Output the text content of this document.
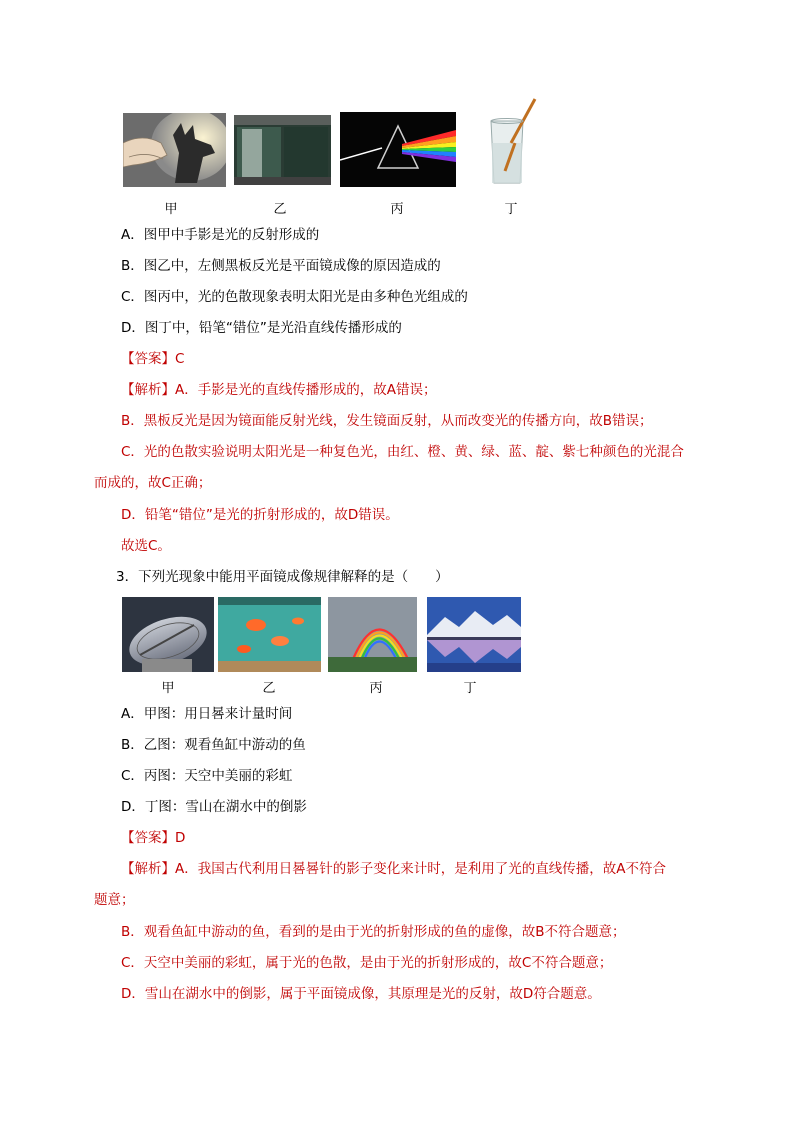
甲	乙	丙	丁
A．图甲中手影是光的反射形成的
B．图乙中，左侧黑板反光是平面镜成像的原因造成的
C．图丙中，光的色散现象表明太阳光是由多种色光组成的
D．图丁中，铅笔“错位”是光沿直线传播形成的
【答案】C
【解析】A．手影是光的直线传播形成的，故A错误；
B．黑板反光是因为镜面能反射光线，发生镜面反射，从而改变光的传播方向，故B错误；
C．光的色散实验说明太阳光是一种复色光，由红、橙、黄、绿、蓝、靛、紫七种颜色的光混合
而成的，故C正确；
D．铅笔“错位”是光的折射形成的，故D错误。
故选C。
3．下列光现象中能用平面镜成像规律解释的是（　　）
甲	乙	丙	丁
A．甲图：用日晷来计量时间
B．乙图：观看鱼缸中游动的鱼
C．丙图：天空中美丽的彩虹
D．丁图：雪山在湖水中的倒影
【答案】D
【解析】A．我国古代利用日晷晷针的影子变化来计时，是利用了光的直线传播，故A不符合
题意；
B．观看鱼缸中游动的鱼，看到的是由于光的折射形成的鱼的虚像，故B不符合题意；
C．天空中美丽的彩虹，属于光的色散，是由于光的折射形成的，故C不符合题意；
D．雪山在湖水中的倒影，属于平面镜成像，其原理是光的反射，故D符合题意。
